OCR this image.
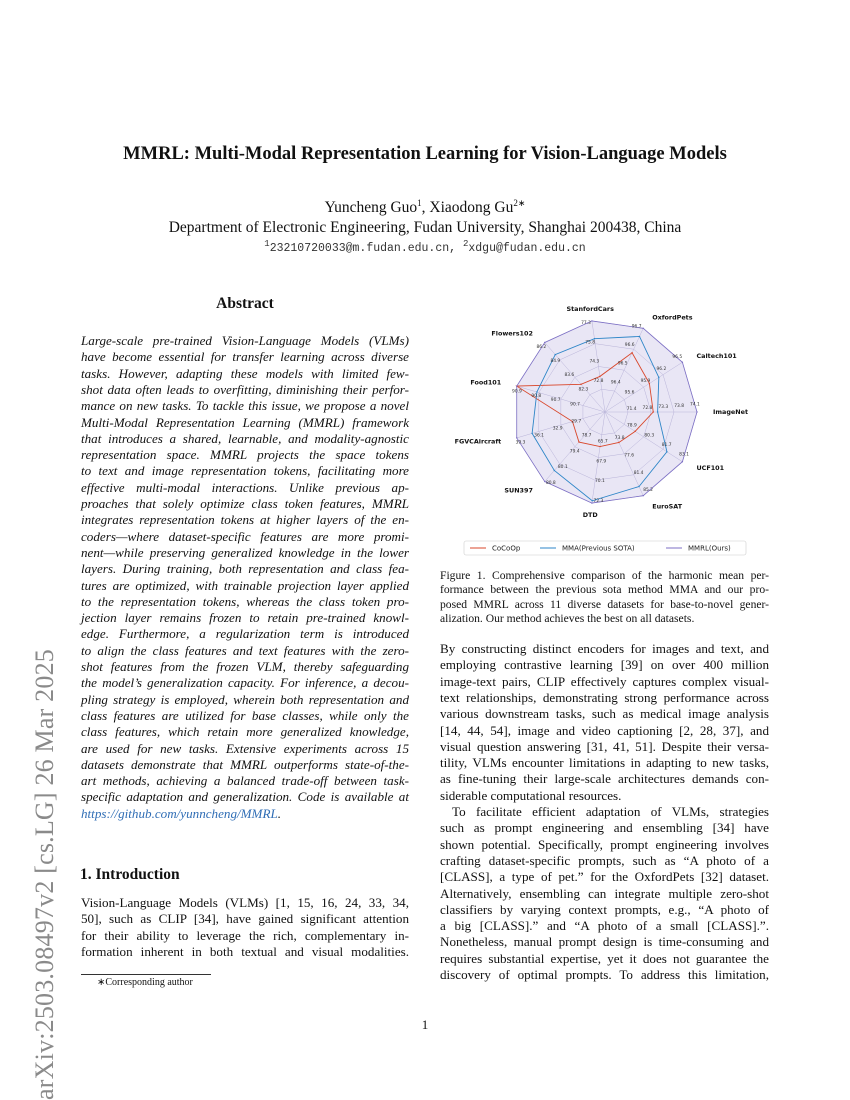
arXiv:2503.08497v2 [cs.LG] 26 Mar 2025
MMRL: Multi-Modal Representation Learning for Vision-Language Models
Yuncheng Guo$^1$, Xiaodong $Gu^{2∗}$
Department of Electronic Engineering, Fudan University, Shanghai 200438, China
$^1$23210720033@m.fudan.edu.cn, $^2$xdgu@fudan.edu.cn
Abstract
Large-scale pre-trained Vision-Language Models (VLMs)
have become essential for transfer learning across diverse
tasks. However, adapting these models with limited few-
shot data often leads to overfitting, diminishing their perfor-
mance on new tasks. To tackle this issue, we propose a novel
Multi-Modal Representation Learning (MMRL) framework
that introduces a shared, learnable, and modality-agnostic
representation space. MMRL projects the space tokens
to text and image representation tokens, facilitating more
effective multi-modal interactions. Unlike previous ap-
proaches that solely optimize class token features, MMRL
integrates representation tokens at higher layers of the en-
coders—where dataset-specific features are more promi-
nent—while preserving generalized knowledge in the lower
layers. During training, both representation and class fea-
tures are optimized, with trainable projection layer applied
to the representation tokens, whereas the class token pro-
jection layer remains frozen to retain pre-trained knowl-
edge. Furthermore, a regularization term is introduced
to align the class features and text features with the zero-
shot features from the frozen VLM, thereby safeguarding
the model’s generalization capacity. For inference, a decou-
pling strategy is employed, wherein both representation and
class features are utilized for base classes, while only the
class features, which retain more generalized knowledge,
are used for new tasks. Extensive experiments across 15
datasets demonstrate that MMRL outperforms state-of-the-
art methods, achieving a balanced trade-off between task-
specific adaptation and generalization. Code is available at
https://github.com/yunncheng/MMRL.
1. Introduction
Vision-Language Models (VLMs) [1, 15, 16, 24, 33, 34,
50], such as CLIP [34], have gained significant attention
for their ability to leverage the rich, complementary in-
formation inherent in both textual and visual modalities.
∗Corresponding author
1
71.4 72.8 73.3 73.8 74.1
95.6
95.9
96.2
96.5
96.4
96.5
96.6
96.7
72.8
74.3
75.8
77.3
82.3
83.6
84.9
86.2
90.7
90.7
90.8
90.9
29.7
32.9
36.1
39.3
78.7
79.4
80.1
80.8
65.7
67.9
70.1
72.3
73.8
77.6
81.4
85.2
78.9
80.3
81.7
83.1
ImageNet
Caltech101
OxfordPets
StanfordCars
Flowers102
Food101
FGVCAircraft
SUN397
DTD
EuroSAT
UCF101
CoCoOp	MMA(Previous SOTA)	MMRL(Ours)
Figure 1. Comprehensive comparison of the harmonic mean per-
formance between the previous sota method MMA and our pro-
posed MMRL across 11 diverse datasets for base-to-novel gener-
alization. Our method achieves the best on all datasets.
By constructing distinct encoders for images and text, and
employing contrastive learning [39] on over 400 million
image-text pairs, CLIP effectively captures complex visual-
text relationships, demonstrating strong performance across
various downstream tasks, such as medical image analysis
[14, 44, 54], image and video captioning [2, 28, 37], and
visual question answering [31, 41, 51]. Despite their versa-
tility, VLMs encounter limitations in adapting to new tasks,
as fine-tuning their large-scale architectures demands con-
siderable computational resources.
To facilitate efficient adaptation of VLMs, strategies
such as prompt engineering and ensembling [34] have
shown potential. Specifically, prompt engineering involves
crafting dataset-specific prompts, such as “A photo of a
[CLASS], a type of pet.” for the OxfordPets [32] dataset.
Alternatively, ensembling can integrate multiple zero-shot
classifiers by varying context prompts, e.g., “A photo of
a big [CLASS].” and “A photo of a small [CLASS].”.
Nonetheless, manual prompt design is time-consuming and
requires substantial expertise, yet it does not guarantee the
discovery of optimal prompts. To address this limitation,
